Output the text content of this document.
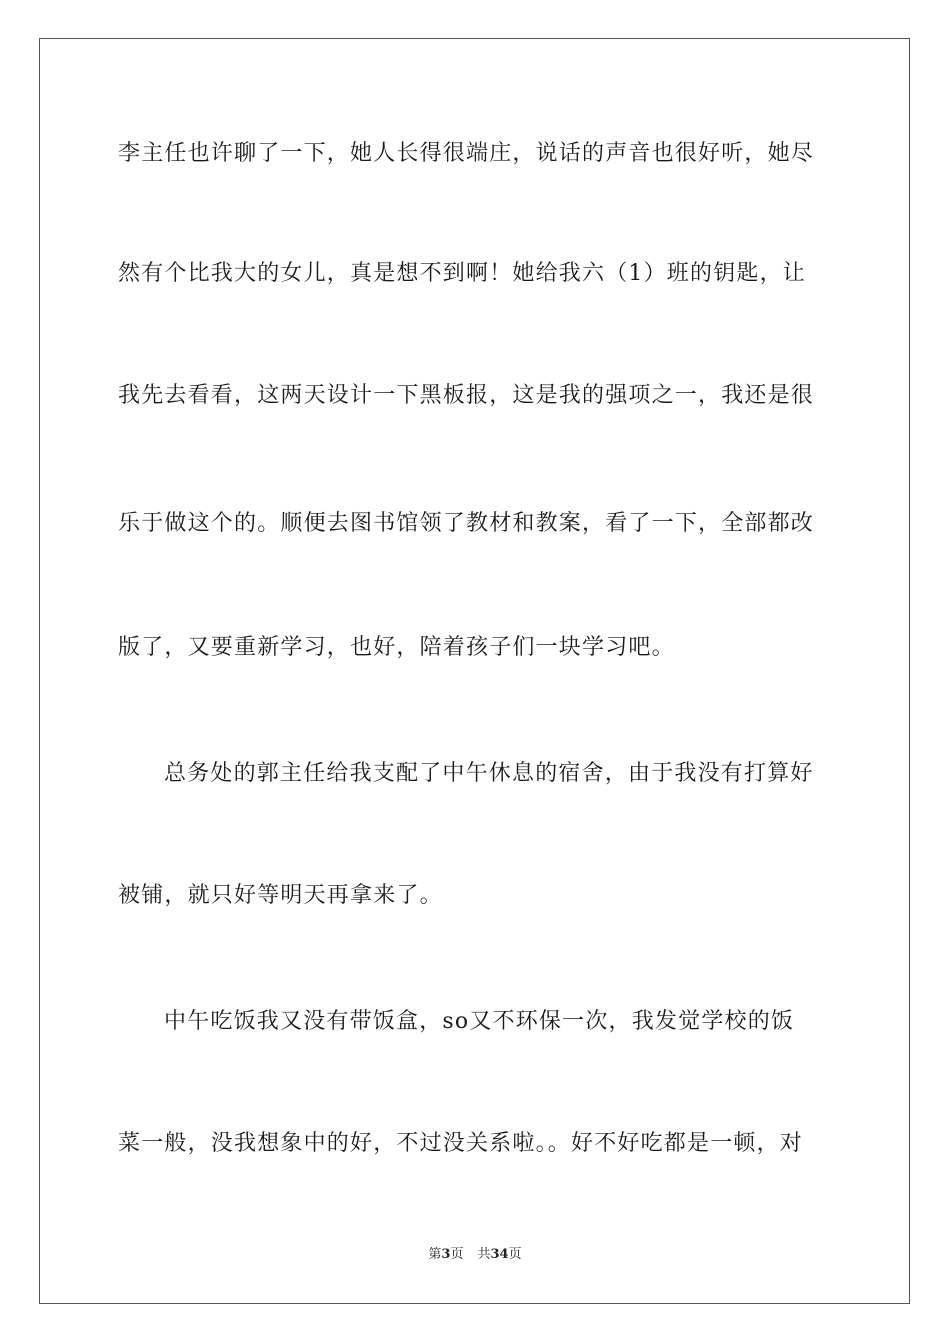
李主任也许聊了一下，她人长得很端庄，说话的声音也很好听，她尽
然有个比我大的女儿，真是想不到啊！她给我六（1）班的钥匙，让
我先去看看，这两天设计一下黑板报，这是我的强项之一，我还是很
乐于做这个的。顺便去图书馆领了教材和教案，看了一下，全部都改
版了，又要重新学习，也好，陪着孩子们一块学习吧。
总务处的郭主任给我支配了中午休息的宿舍，由于我没有打算好
被铺，就只好等明天再拿来了。
中午吃饭我又没有带饭盒，so又不环保一次，我发觉学校的饭
菜一般，没我想象中的好，不过没关系啦。。好不好吃都是一顿，对
第3页 共34页
